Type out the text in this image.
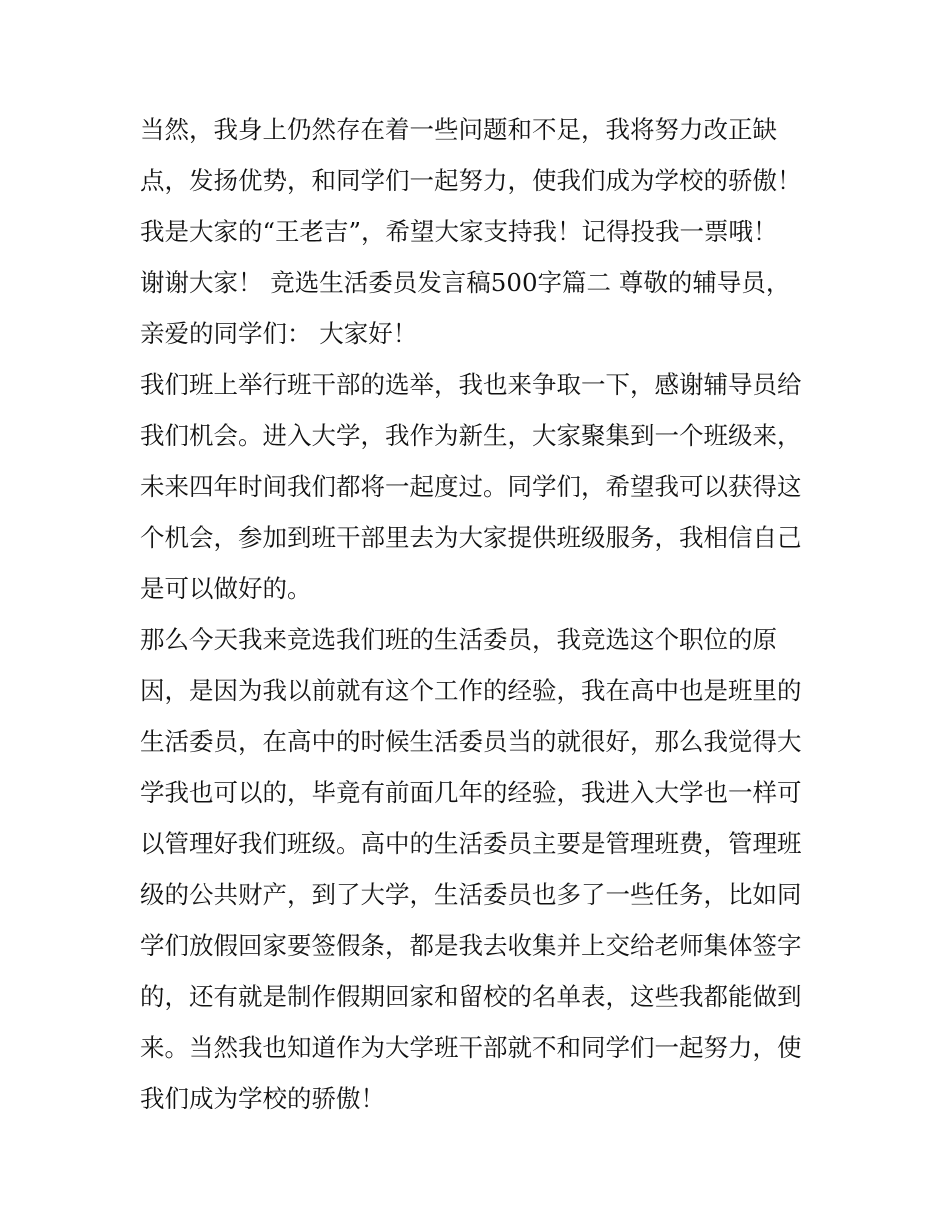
当然，我身上仍然存在着一些问题和不足，我将努力改正缺
点，发扬优势，和同学们一起努力，使我们成为学校的骄傲！
我是大家的“王老吉”，希望大家支持我！记得投我一票哦！
谢谢大家！ 竞选生活委员发言稿500字篇二 尊敬的辅导员，
亲爱的同学们： 大家好！
我们班上举行班干部的选举，我也来争取一下，感谢辅导员给
我们机会。进入大学，我作为新生，大家聚集到一个班级来，
未来四年时间我们都将一起度过。同学们，希望我可以获得这
个机会，参加到班干部里去为大家提供班级服务，我相信自己
是可以做好的。
那么今天我来竞选我们班的生活委员，我竞选这个职位的原
因，是因为我以前就有这个工作的经验，我在高中也是班里的
生活委员，在高中的时候生活委员当的就很好，那么我觉得大
学我也可以的，毕竟有前面几年的经验，我进入大学也一样可
以管理好我们班级。高中的生活委员主要是管理班费，管理班
级的公共财产，到了大学，生活委员也多了一些任务，比如同
学们放假回家要签假条，都是我去收集并上交给老师集体签字
的，还有就是制作假期回家和留校的名单表，这些我都能做到
来。当然我也知道作为大学班干部就不和同学们一起努力，使
我们成为学校的骄傲！
